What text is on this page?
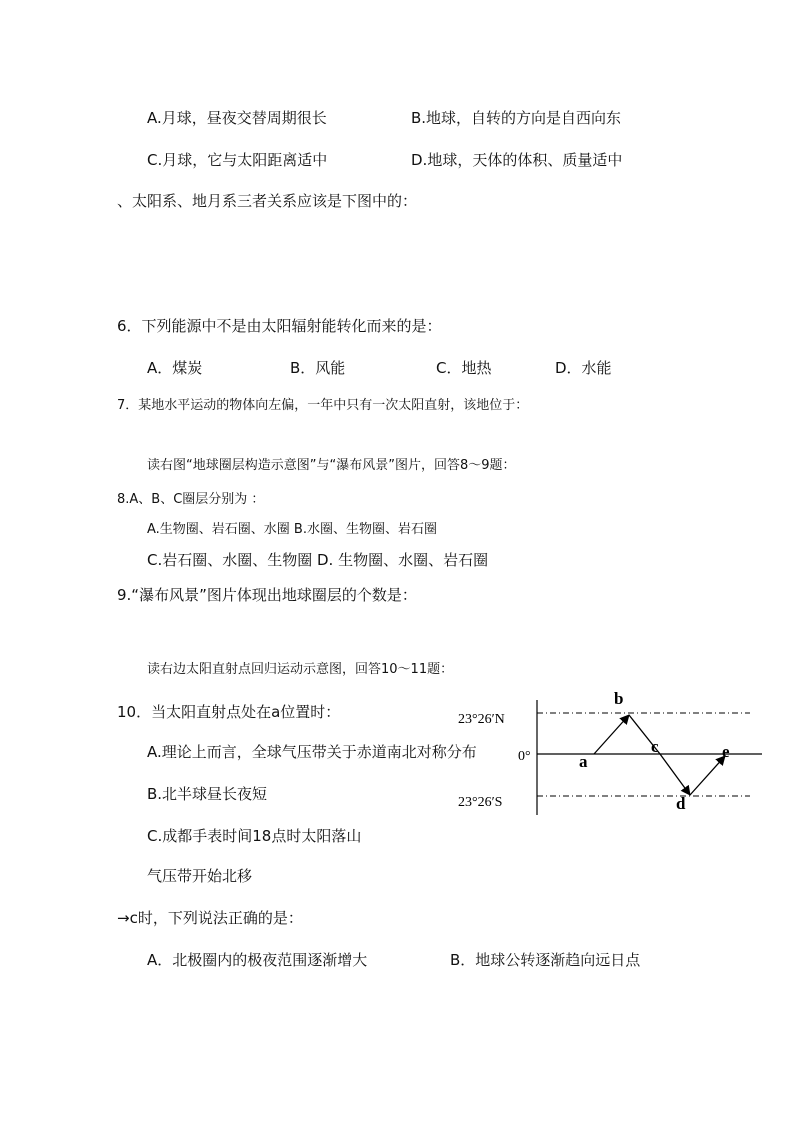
A.月球，昼夜交替周期很长	B.地球，自转的方向是自西向东
C.月球，它与太阳距离适中	D.地球，天体的体积、质量适中
、太阳系、地月系三者关系应该是下图中的：
6．下列能源中不是由太阳辐射能转化而来的是：
A．煤炭	B．风能	C．地热	D．水能
7．某地水平运动的物体向左偏，一年中只有一次太阳直射，该地位于：
读右图“地球圈层构造示意图”与“瀑布风景”图片，回答8～9题：
8.A、B、C圈层分别为 ：
A.生物圈、岩石圈、水圈 B.水圈、生物圈、岩石圈
C.岩石圈、水圈、生物圈 D. 生物圈、水圈、岩石圈
9.“瀑布风景”图片体现出地球圈层的个数是：
读右边太阳直射点回归运动示意图，回答10～11题：
10．当太阳直射点处在a位置时：
A.理论上而言，全球气压带关于赤道南北对称分布
B.北半球昼长夜短
C.成都手表时间18点时太阳落山
气压带开始北移
→c时，下列说法正确的是：
A．北极圈内的极夜范围逐渐增大	B．地球公转逐渐趋向远日点
23°26′N
0°
23°26′S
a
b
c
d
e
